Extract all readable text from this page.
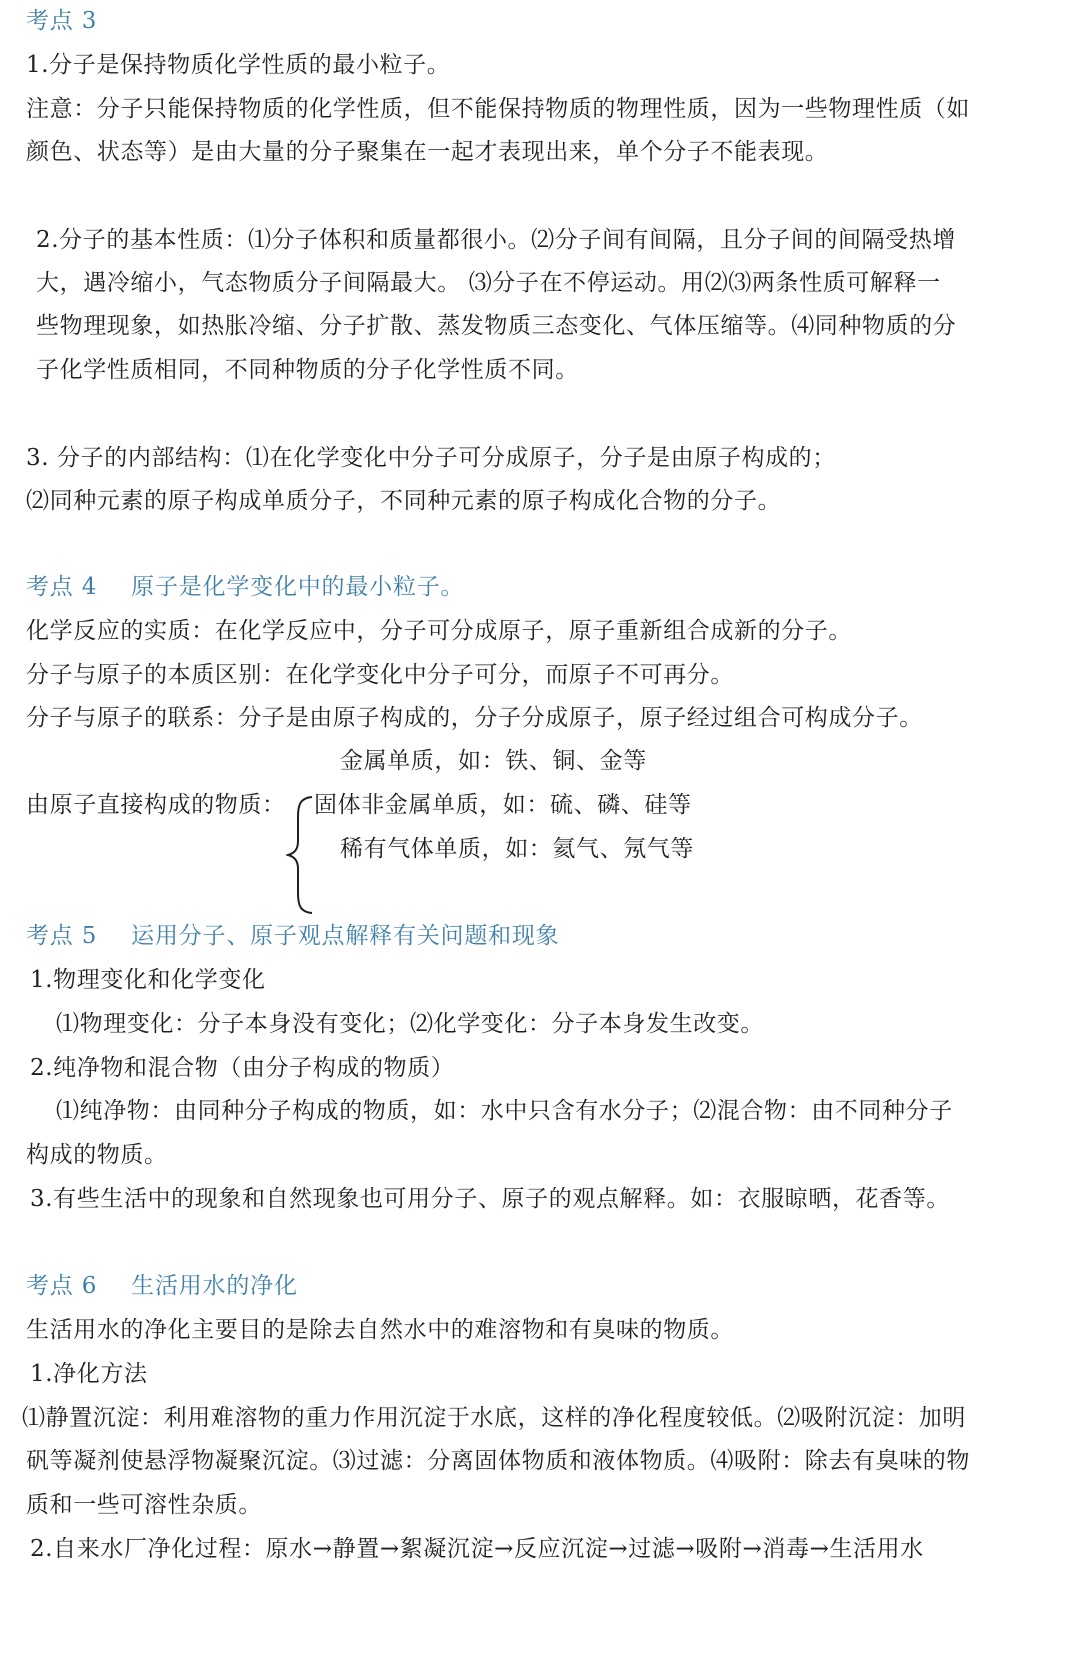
考点 3
1.分子是保持物质化学性质的最小粒子。
注意：分子只能保持物质的化学性质，但不能保持物质的物理性质，因为一些物理性质（如
颜色、状态等）是由大量的分子聚集在一起才表现出来，单个分子不能表现。
2.分子的基本性质：⑴分子体积和质量都很小。⑵分子间有间隔，且分子间的间隔受热增
大，遇冷缩小，气态物质分子间隔最大。 ⑶分子在不停运动。用⑵⑶两条性质可解释一
些物理现象，如热胀冷缩、分子扩散、蒸发物质三态变化、气体压缩等。⑷同种物质的分
子化学性质相同，不同种物质的分子化学性质不同。
3. 分子的内部结构：⑴在化学变化中分子可分成原子，分子是由原子构成的；
⑵同种元素的原子构成单质分子，不同种元素的原子构成化合物的分子。
考点 4 原子是化学变化中的最小粒子。
化学反应的实质：在化学反应中，分子可分成原子，原子重新组合成新的分子。
分子与原子的本质区别：在化学变化中分子可分，而原子不可再分。
分子与原子的联系：分子是由原子构成的，分子分成原子，原子经过组合可构成分子。
由原子直接构成的物质：
金属单质，如：铁、铜、金等
固体非金属单质，如：硫、磷、硅等
稀有气体单质，如：氦气、氖气等
考点 5 运用分子、原子观点解释有关问题和现象
1.物理变化和化学变化
⑴物理变化：分子本身没有变化；⑵化学变化：分子本身发生改变。
2.纯净物和混合物（由分子构成的物质）
⑴纯净物：由同种分子构成的物质，如：水中只含有水分子；⑵混合物：由不同种分子
构成的物质。
3.有些生活中的现象和自然现象也可用分子、原子的观点解释。如：衣服晾晒，花香等。
考点 6 生活用水的净化
生活用水的净化主要目的是除去自然水中的难溶物和有臭味的物质。
1.净化方法
⑴静置沉淀：利用难溶物的重力作用沉淀于水底，这样的净化程度较低。⑵吸附沉淀：加明
矾等凝剂使悬浮物凝聚沉淀。⑶过滤：分离固体物质和液体物质。⑷吸附：除去有臭味的物
质和一些可溶性杂质。
2.自来水厂净化过程：原水→静置→絮凝沉淀→反应沉淀→过滤→吸附→消毒→生活用水
